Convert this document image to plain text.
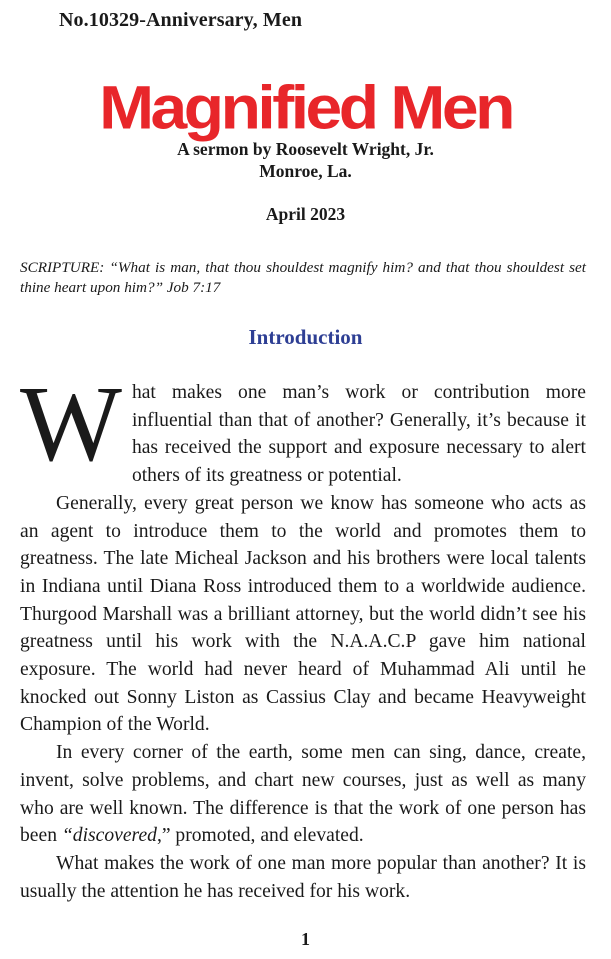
No.10329-Anniversary, Men
Magnified Men
A sermon by Roosevelt Wright, Jr.
Monroe, La.
April 2023
SCRIPTURE: “What is man, that thou shouldest magnify him? and that thou shouldest set thine heart upon him?” Job 7:17
Introduction

What makes one man’s work or contribution more influential than that of another? Generally, it’s because it has received the support and exposure necessary to alert others of its greatness or potential.

Generally, every great person we know has someone who acts as an agent to introduce them to the world and promotes them to greatness. The late Micheal Jackson and his brothers were local talents in Indiana until Diana Ross introduced them to a worldwide audience. Thurgood Marshall was a brilliant attorney, but the world didn’t see his greatness until his work with the N.A.A.C.P gave him national exposure. The world had never heard of Muhammad Ali until he knocked out Sonny Liston as Cassius Clay and became Heavyweight Champion of the World.

In every corner of the earth, some men can sing, dance, create, invent, solve problems, and chart new courses, just as well as many who are well known. The difference is that the work of one person has been “discovered,” promoted, and elevated.

What makes the work of one man more popular than another? It is usually the attention he has received for his work.

1
